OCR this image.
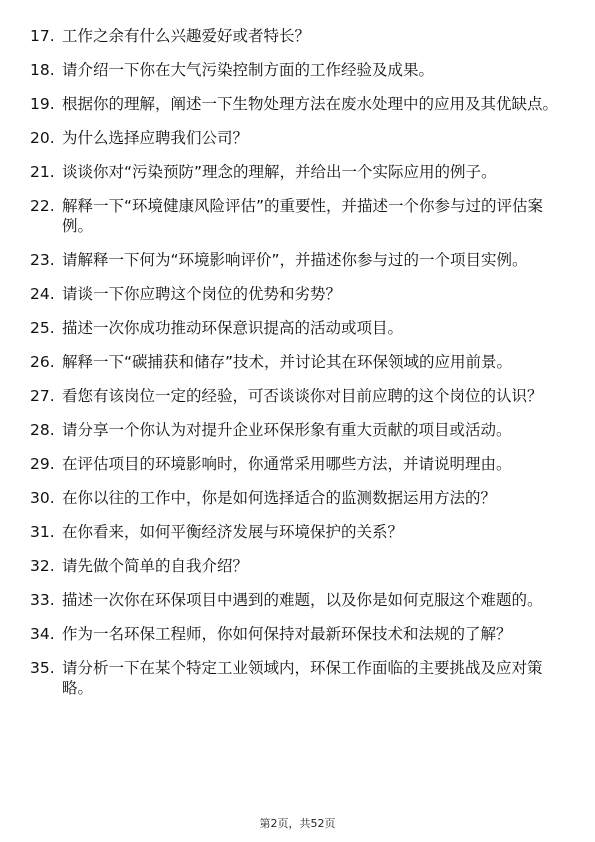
17. 工作之余有什么兴趣爱好或者特长？
18. 请介绍一下你在大气污染控制方面的工作经验及成果。
19. 根据你的理解，阐述一下生物处理方法在废水处理中的应用及其优缺点。
20. 为什么选择应聘我们公司？
21. 谈谈你对“污染预防”理念的理解，并给出一个实际应用的例子。
22. 解释一下“环境健康风险评估”的重要性，并描述一个你参与过的评估案例。
23. 请解释一下何为“环境影响评价”，并描述你参与过的一个项目实例。
24. 请谈一下你应聘这个岗位的优势和劣势？
25. 描述一次你成功推动环保意识提高的活动或项目。
26. 解释一下“碳捕获和储存”技术，并讨论其在环保领域的应用前景。
27. 看您有该岗位一定的经验，可否谈谈你对目前应聘的这个岗位的认识？
28. 请分享一个你认为对提升企业环保形象有重大贡献的项目或活动。
29. 在评估项目的环境影响时，你通常采用哪些方法，并请说明理由。
30. 在你以往的工作中，你是如何选择适合的监测数据运用方法的？
31. 在你看来，如何平衡经济发展与环境保护的关系？
32. 请先做个简单的自我介绍？
33. 描述一次你在环保项目中遇到的难题，以及你是如何克服这个难题的。
34. 作为一名环保工程师，你如何保持对最新环保技术和法规的了解？
35. 请分析一下在某个特定工业领域内，环保工作面临的主要挑战及应对策略。
第2页，共52页
